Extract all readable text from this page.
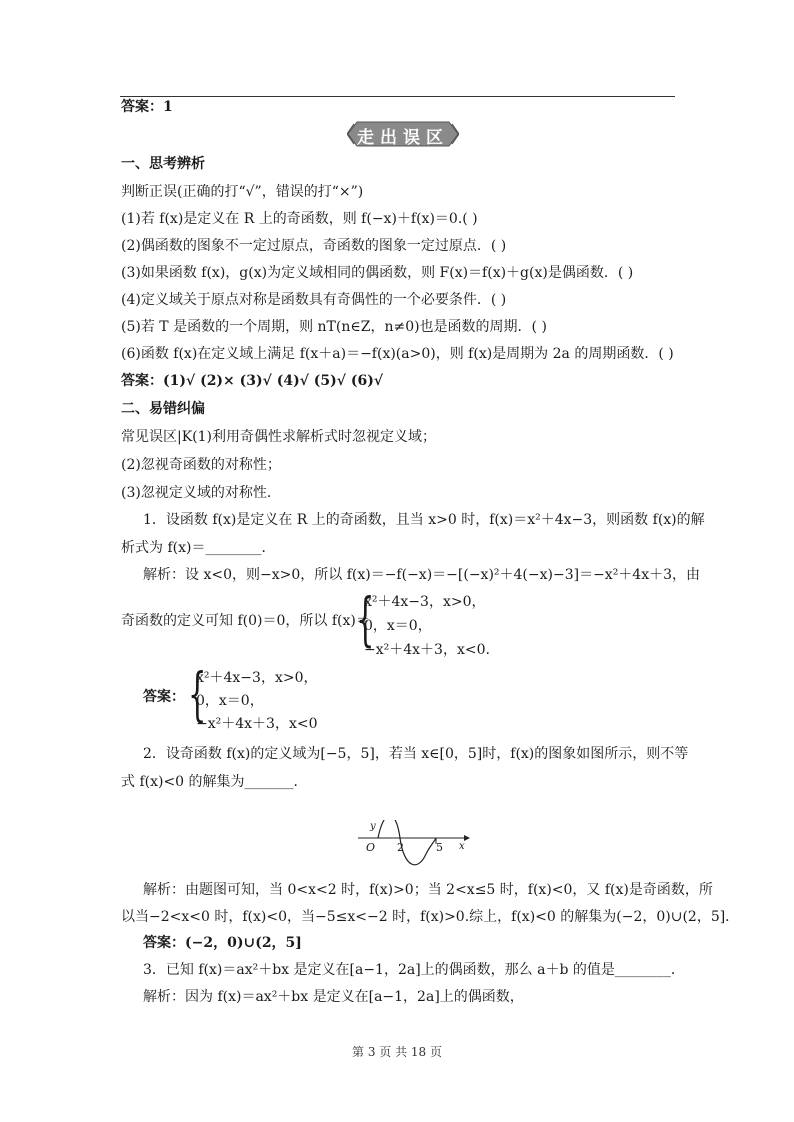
答案：1
走出误区
一、思考辨析
判断正误(正确的打“√”，错误的打“×”)
(1)若 f(x)是定义在 R 上的奇函数，则 f(−x)＋f(x)＝0.( )
(2)偶函数的图象不一定过原点，奇函数的图象一定过原点．( )
(3)如果函数 f(x)，g(x)为定义域相同的偶函数，则 F(x)＝f(x)＋g(x)是偶函数．( )
(4)定义域关于原点对称是函数具有奇偶性的一个必要条件．( )
(5)若 T 是函数的一个周期，则 nT(n∈Z，n≠0)也是函数的周期．( )
(6)函数 f(x)在定义域上满足 f(x＋a)＝−f(x)(a>0)，则 f(x)是周期为 2a 的周期函数．( )
答案：(1)√ (2)× (3)√ (4)√ (5)√ (6)√
二、易错纠偏
常见误区|K(1)利用奇偶性求解析式时忽视定义域；
(2)忽视奇函数的对称性；
(3)忽视定义域的对称性．
1．设函数 f(x)是定义在 R 上的奇函数，且当 x>0 时，f(x)＝x²＋4x−3，则函数 f(x)的解
析式为 f(x)＝________．
解析：设 x<0，则−x>0，所以 f(x)＝−f(−x)＝−[(−x)²＋4(−x)−3]＝−x²＋4x＋3，由
奇函数的定义可知 f(0)＝0，所以 f(x)＝
{
x²＋4x−3，x>0，
0，x＝0，
−x²＋4x＋3，x<0.
答案： {
x²＋4x−3，x>0，
0，x＝0，
−x²＋4x＋3，x<0
2．设奇函数 f(x)的定义域为[−5，5]，若当 x∈[0，5]时，f(x)的图象如图所示，则不等
式 f(x)<0 的解集为_______．
y
O 2	5 x
解析：由题图可知，当 0<x<2 时，f(x)>0；当 2<x≤5 时，f(x)<0，又 f(x)是奇函数，所
以当−2<x<0 时，f(x)<0，当−5≤x<−2 时，f(x)>0.综上，f(x)<0 的解集为(−2，0)∪(2，5]．
答案：(−2，0)∪(2，5]
3．已知 f(x)＝ax²＋bx 是定义在[a−1，2a]上的偶函数，那么 a＋b 的值是________．
解析：因为 f(x)＝ax²＋bx 是定义在[a−1，2a]上的偶函数，
第 3 页 共 18 页
